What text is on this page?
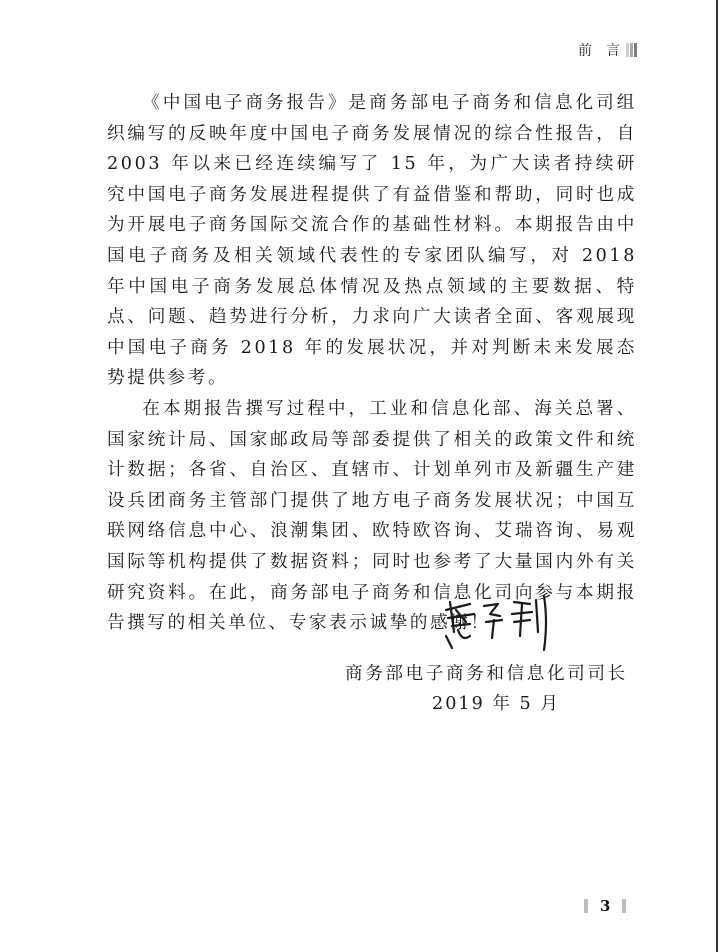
前 言

《中国电子商务报告》是商务部电子商务和信息化司组织编写的反映年度中国电子商务发展情况的综合性报告，自 2003 年以来已经连续编写了 15 年，为广大读者持续研究中国电子商务发展进程提供了有益借鉴和帮助，同时也成为开展电子商务国际交流合作的基础性材料。本期报告由中国电子商务及相关领域代表性的专家团队编写，对 2018 年中国电子商务发展总体情况及热点领域的主要数据、特点、问题、趋势进行分析，力求向广大读者全面、客观展现中国电子商务 2018 年的发展状况，并对判断未来发展态势提供参考。

在本期报告撰写过程中，工业和信息化部、海关总署、国家统计局、国家邮政局等部委提供了相关的政策文件和统计数据；各省、自治区、直辖市、计划单列市及新疆生产建设兵团商务主管部门提供了地方电子商务发展状况；中国互联网络信息中心、浪潮集团、欧特欧咨询、艾瑞咨询、易观国际等机构提供了数据资料；同时也参考了大量国内外有关研究资料。在此，商务部电子商务和信息化司向参与本期报告撰写的相关单位、专家表示诚挚的感谢！

商务部电子商务和信息化司司长
2019 年 5 月
3
